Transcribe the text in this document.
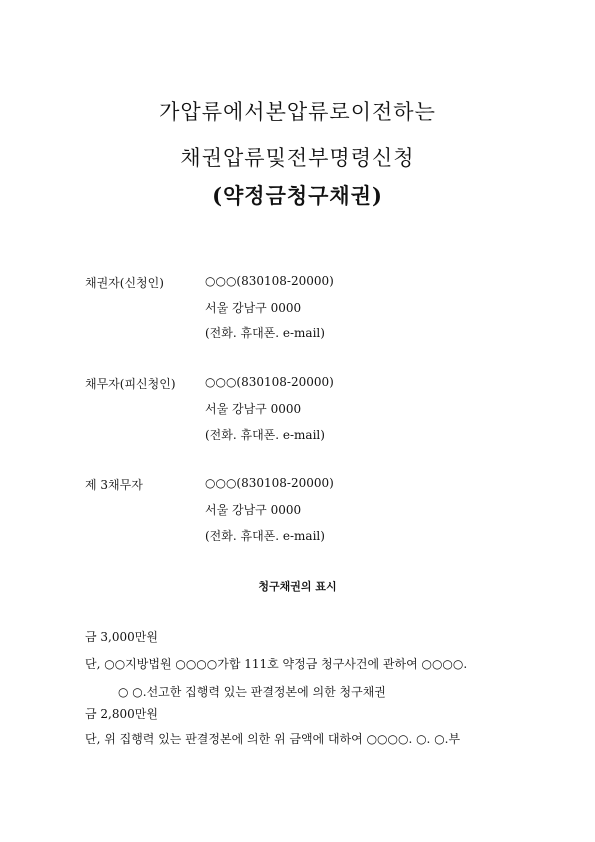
가압류에서본압류로이전하는
채권압류및전부명령신청
(약정금청구채권)
채권자(신청인)	○○○(830108-20000)
서울 강남구 0000
(전화. 휴대폰. e-mail)
채무자(피신청인) ○○○(830108-20000)
서울 강남구 0000
(전화. 휴대폰. e-mail)
제 3채무자	○○○(830108-20000)
서울 강남구 0000
(전화. 휴대폰. e-mail)
청구채권의 표시
금 3,000만원
단, ○○지방법원 ○○○○가합 111호 약정금 청구사건에 관하여 ○○○○.
○ ○.선고한 집행력 있는 판결정본에 의한 청구채권
금 2,800만원
단, 위 집행력 있는 판결정본에 의한 위 금액에 대하여 ○○○○. ○. ○.부
